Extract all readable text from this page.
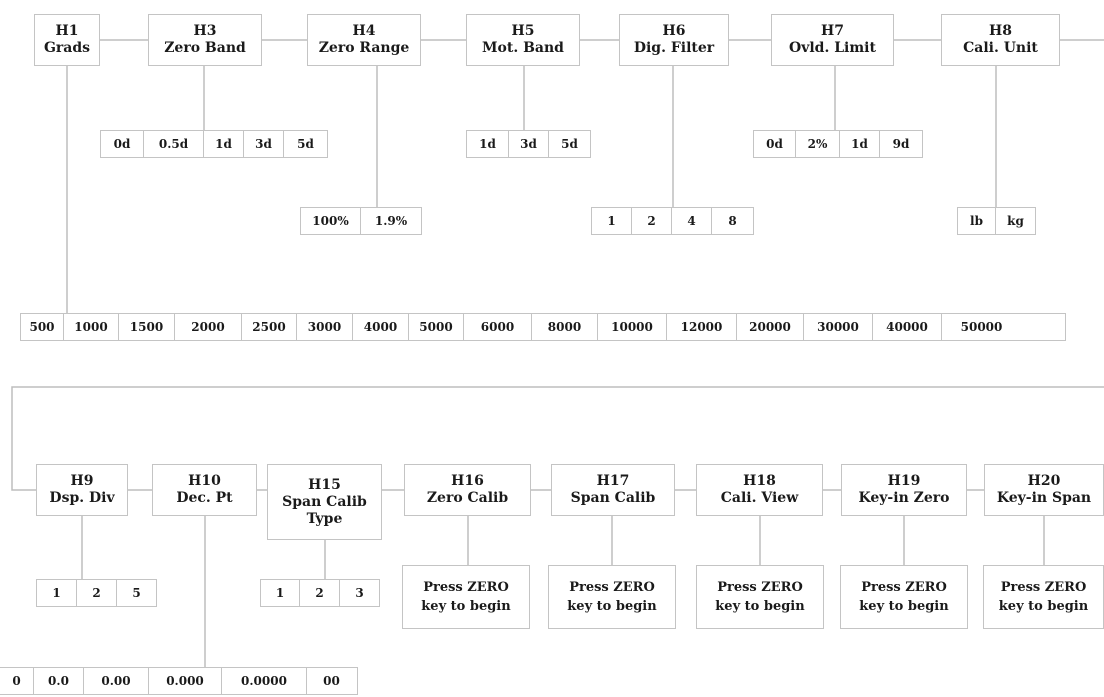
H1
Grads
H3
Zero Band
H4
Zero Range
H5
Mot. Band
H6
Dig. Filter
H7
Ovld. Limit
H8
Cali. Unit
0d	0.5d	1d	3d	5d
100%	1.9%
1d	3d	5d
1	2	4	8
0d	2%	1d	9d
lb	kg
500	1000	1500	2000	2500	3000	4000	5000	6000	8000	10000	12000	20000	30000	40000	50000
H9
Dsp. Div
H10
Dec. Pt
H15
Span Calib
Type
H16
Zero Calib
H17
Span Calib
H18
Cali. View
H19
Key-in Zero
H20
Key-in Span
1	2	5	1	2	3
0	0.0	0.00	0.000	0.0000	00
Press ZERO
key to begin
Press ZERO
key to begin
Press ZERO
key to begin
Press ZERO
key to begin
Press ZERO
key to begin
